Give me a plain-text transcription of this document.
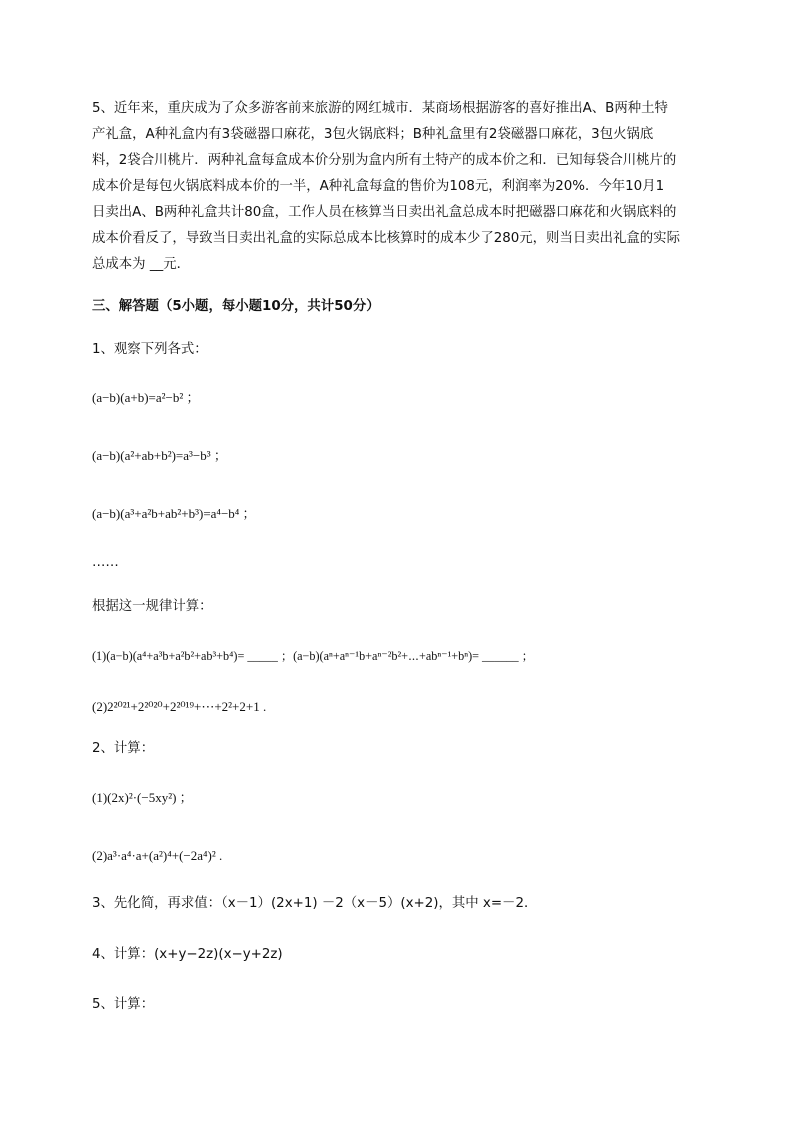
5、近年来，重庆成为了众多游客前来旅游的网红城市．某商场根据游客的喜好推出A、B两种土特

产礼盒，A种礼盒内有3袋磁器口麻花，3包火锅底料；B种礼盒里有2袋磁器口麻花，3包火锅底

料，2袋合川桃片．两种礼盒每盒成本价分别为盒内所有土特产的成本价之和．已知每袋合川桃片的

成本价是每包火锅底料成本价的一半，A种礼盒每盒的售价为108元，利润率为20%．今年10月1

日卖出A、B两种礼盒共计80盒，工作人员在核算当日卖出礼盒总成本时把磁器口麻花和火锅底料的

成本价看反了，导致当日卖出礼盒的实际总成本比核算时的成本少了280元，则当日卖出礼盒的实际

总成本为 __元．

三、解答题（5小题，每小题10分，共计50分）
1、观察下列各式：
(a−b)(a+b)=a²−b² ；
(a−b)(a²+ab+b²)=a³−b³ ；
(a−b)(a³+a²b+ab²+b³)=a⁴−b⁴ ；
……
根据这一规律计算：
(1)(a−b)(a⁴+a³b+a²b²+ab³+b⁴)= _____ ；(a−b)(aⁿ+aⁿ⁻¹b+aⁿ⁻²b²+⋯+abⁿ⁻¹+bⁿ)= ______ ；
(2)2²⁰²¹+2²⁰²⁰+2²⁰¹⁹+⋯+2²+2+1 .
2、计算：
(1)(2x)²·(−5xy²) ；
(2)a³·a⁴·a+(a²)⁴+(−2a⁴)² .
3、先化简，再求值：（x－1）(2x+1) －2（x－5）(x+2)，其中 x=－2．
4、计算：(x+y−2z)(x−y+2z)
5、计算：
